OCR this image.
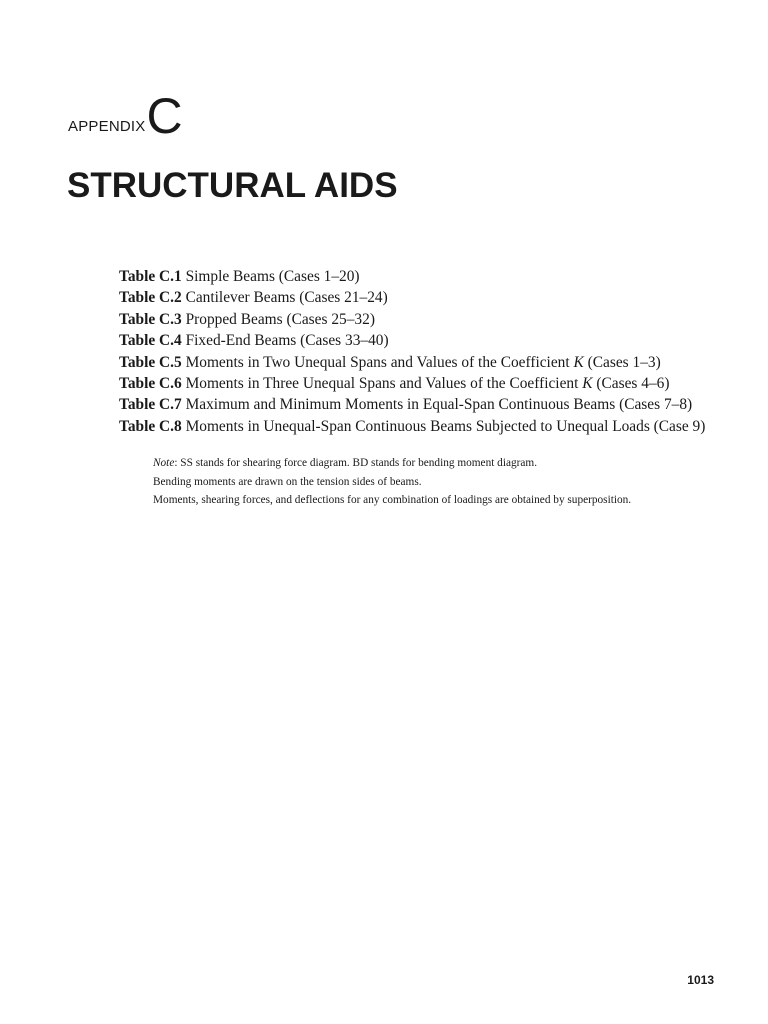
APPENDIX C
STRUCTURAL AIDS
Table C.1 Simple Beams (Cases 1–20)
Table C.2 Cantilever Beams (Cases 21–24)
Table C.3 Propped Beams (Cases 25–32)
Table C.4 Fixed-End Beams (Cases 33–40)
Table C.5 Moments in Two Unequal Spans and Values of the Coefficient K (Cases 1–3)
Table C.6 Moments in Three Unequal Spans and Values of the Coefficient K (Cases 4–6)
Table C.7 Maximum and Minimum Moments in Equal-Span Continuous Beams (Cases 7–8)
Table C.8 Moments in Unequal-Span Continuous Beams Subjected to Unequal Loads (Case 9)

Note: SS stands for shearing force diagram. BD stands for bending moment diagram.

Bending moments are drawn on the tension sides of beams.

Moments, shearing forces, and deflections for any combination of loadings are obtained by superposition.

1013
